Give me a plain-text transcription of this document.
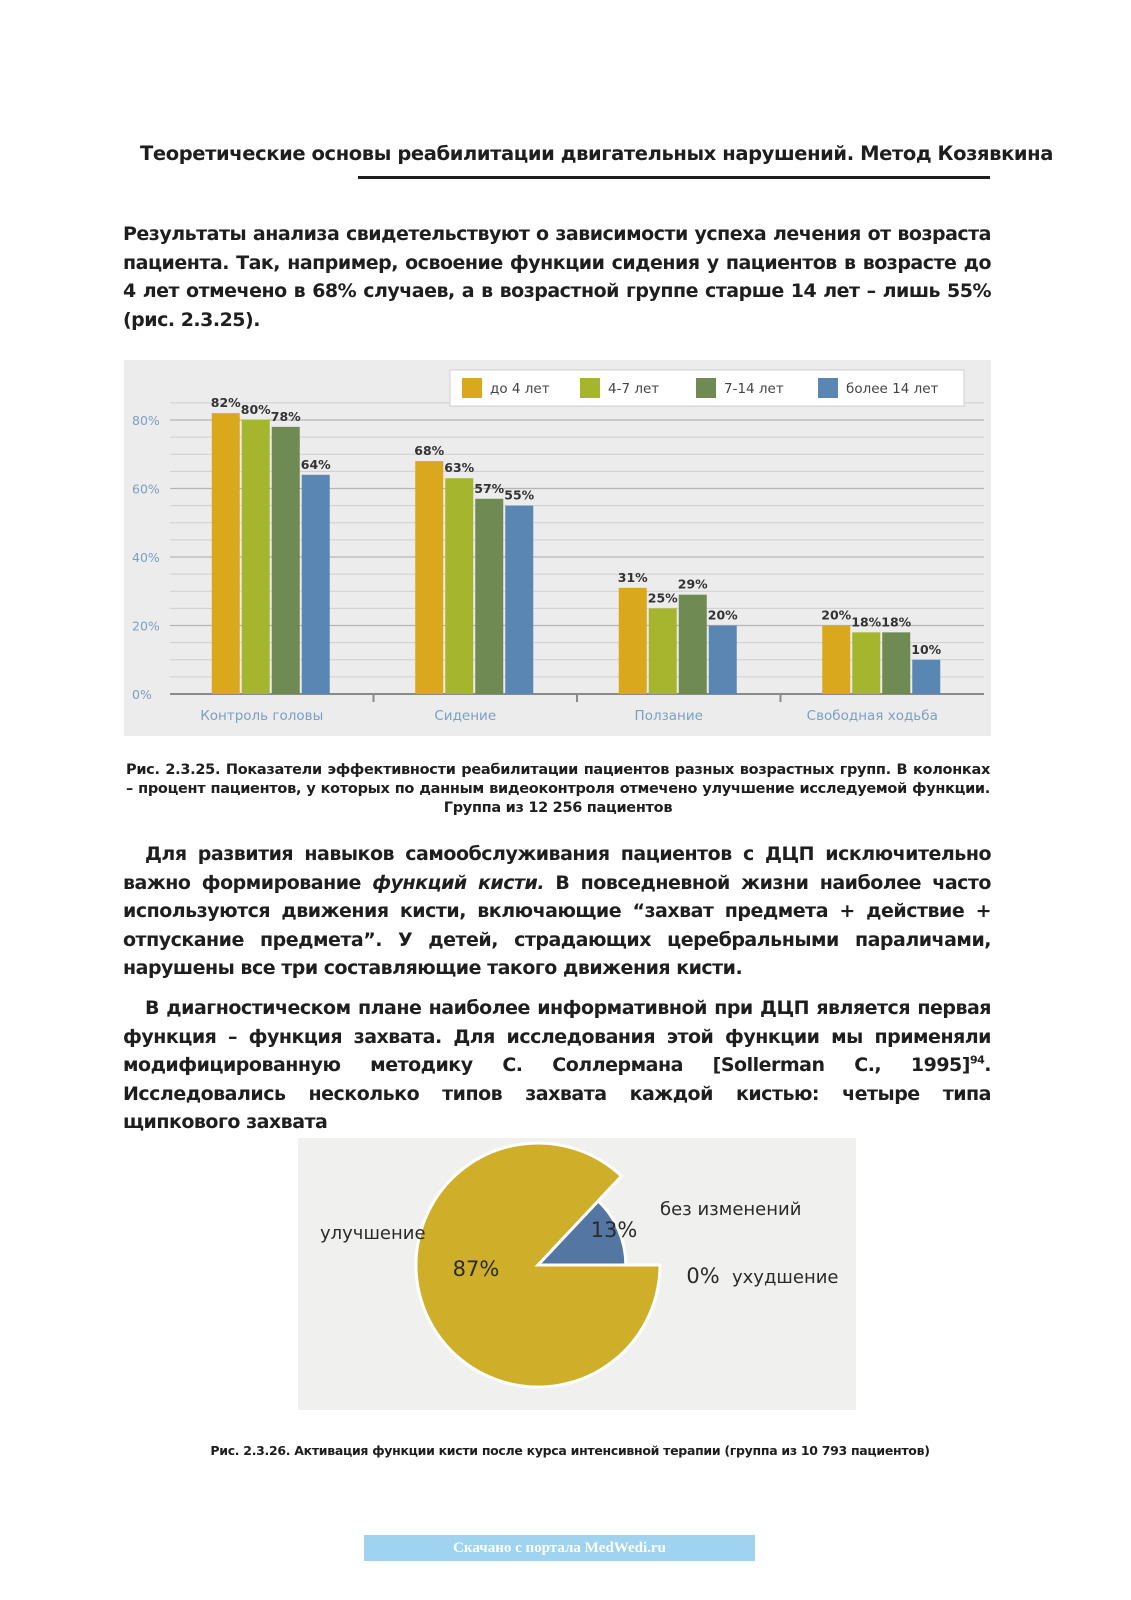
Теоретические основы реабилитации двигательных нарушений. Метод Козявкина

Результаты анализа свидетельствуют о зависимости успеха лечения от возраста пациента. Так, например, освоение функции сидения у пациентов в возрасте до 4 лет отмечено в 68% случаев, а в возрастной группе старше 14 лет – лишь 55% (рис. 2.3.25).

0%
20%
40%
60%
80%
82% 80% 78%
64%
Контроль головы
68%
63%
57% 55%
Сидение
31%
25%
29%
20%
Ползание
20% 18% 18%
10%
Свободная ходьба
до 4 лет	4-7 лет	7-14 лет	более 14 лет

Рис. 2.3.25. Показатели эффективности реабилитации пациентов разных возрастных групп. В колонках – процент пациентов, у которых по данным видеоконтроля отмечено улучшение исследуемой функции. Группа из 12 256 пациентов

Для развития навыков самообслуживания пациентов с ДЦП исключительно важно формирование функций кисти. В повседневной жизни наиболее часто используются движения кисти, включающие “захват предмета + действие + отпускание предмета”. У детей, страдающих церебральными параличами, нарушены все три составляющие такого движения кисти.

В диагностическом плане наиболее информативной при ДЦП является первая функция – функция захвата. Для исследования этой функции мы применяли модифицированную методику С. Соллермана [Sollerman C., 1995]$^{94}$. Исследовались несколько типов захвата каждой кистью: четыре типа щипкового захвата

87%
13%
0%
улучшение
без изменений
ухудшение

Рис. 2.3.26. Активация функции кисти после курса интенсивной терапии (группа из 10 793 пациентов)

Скачано с портала MedWedi.ru
